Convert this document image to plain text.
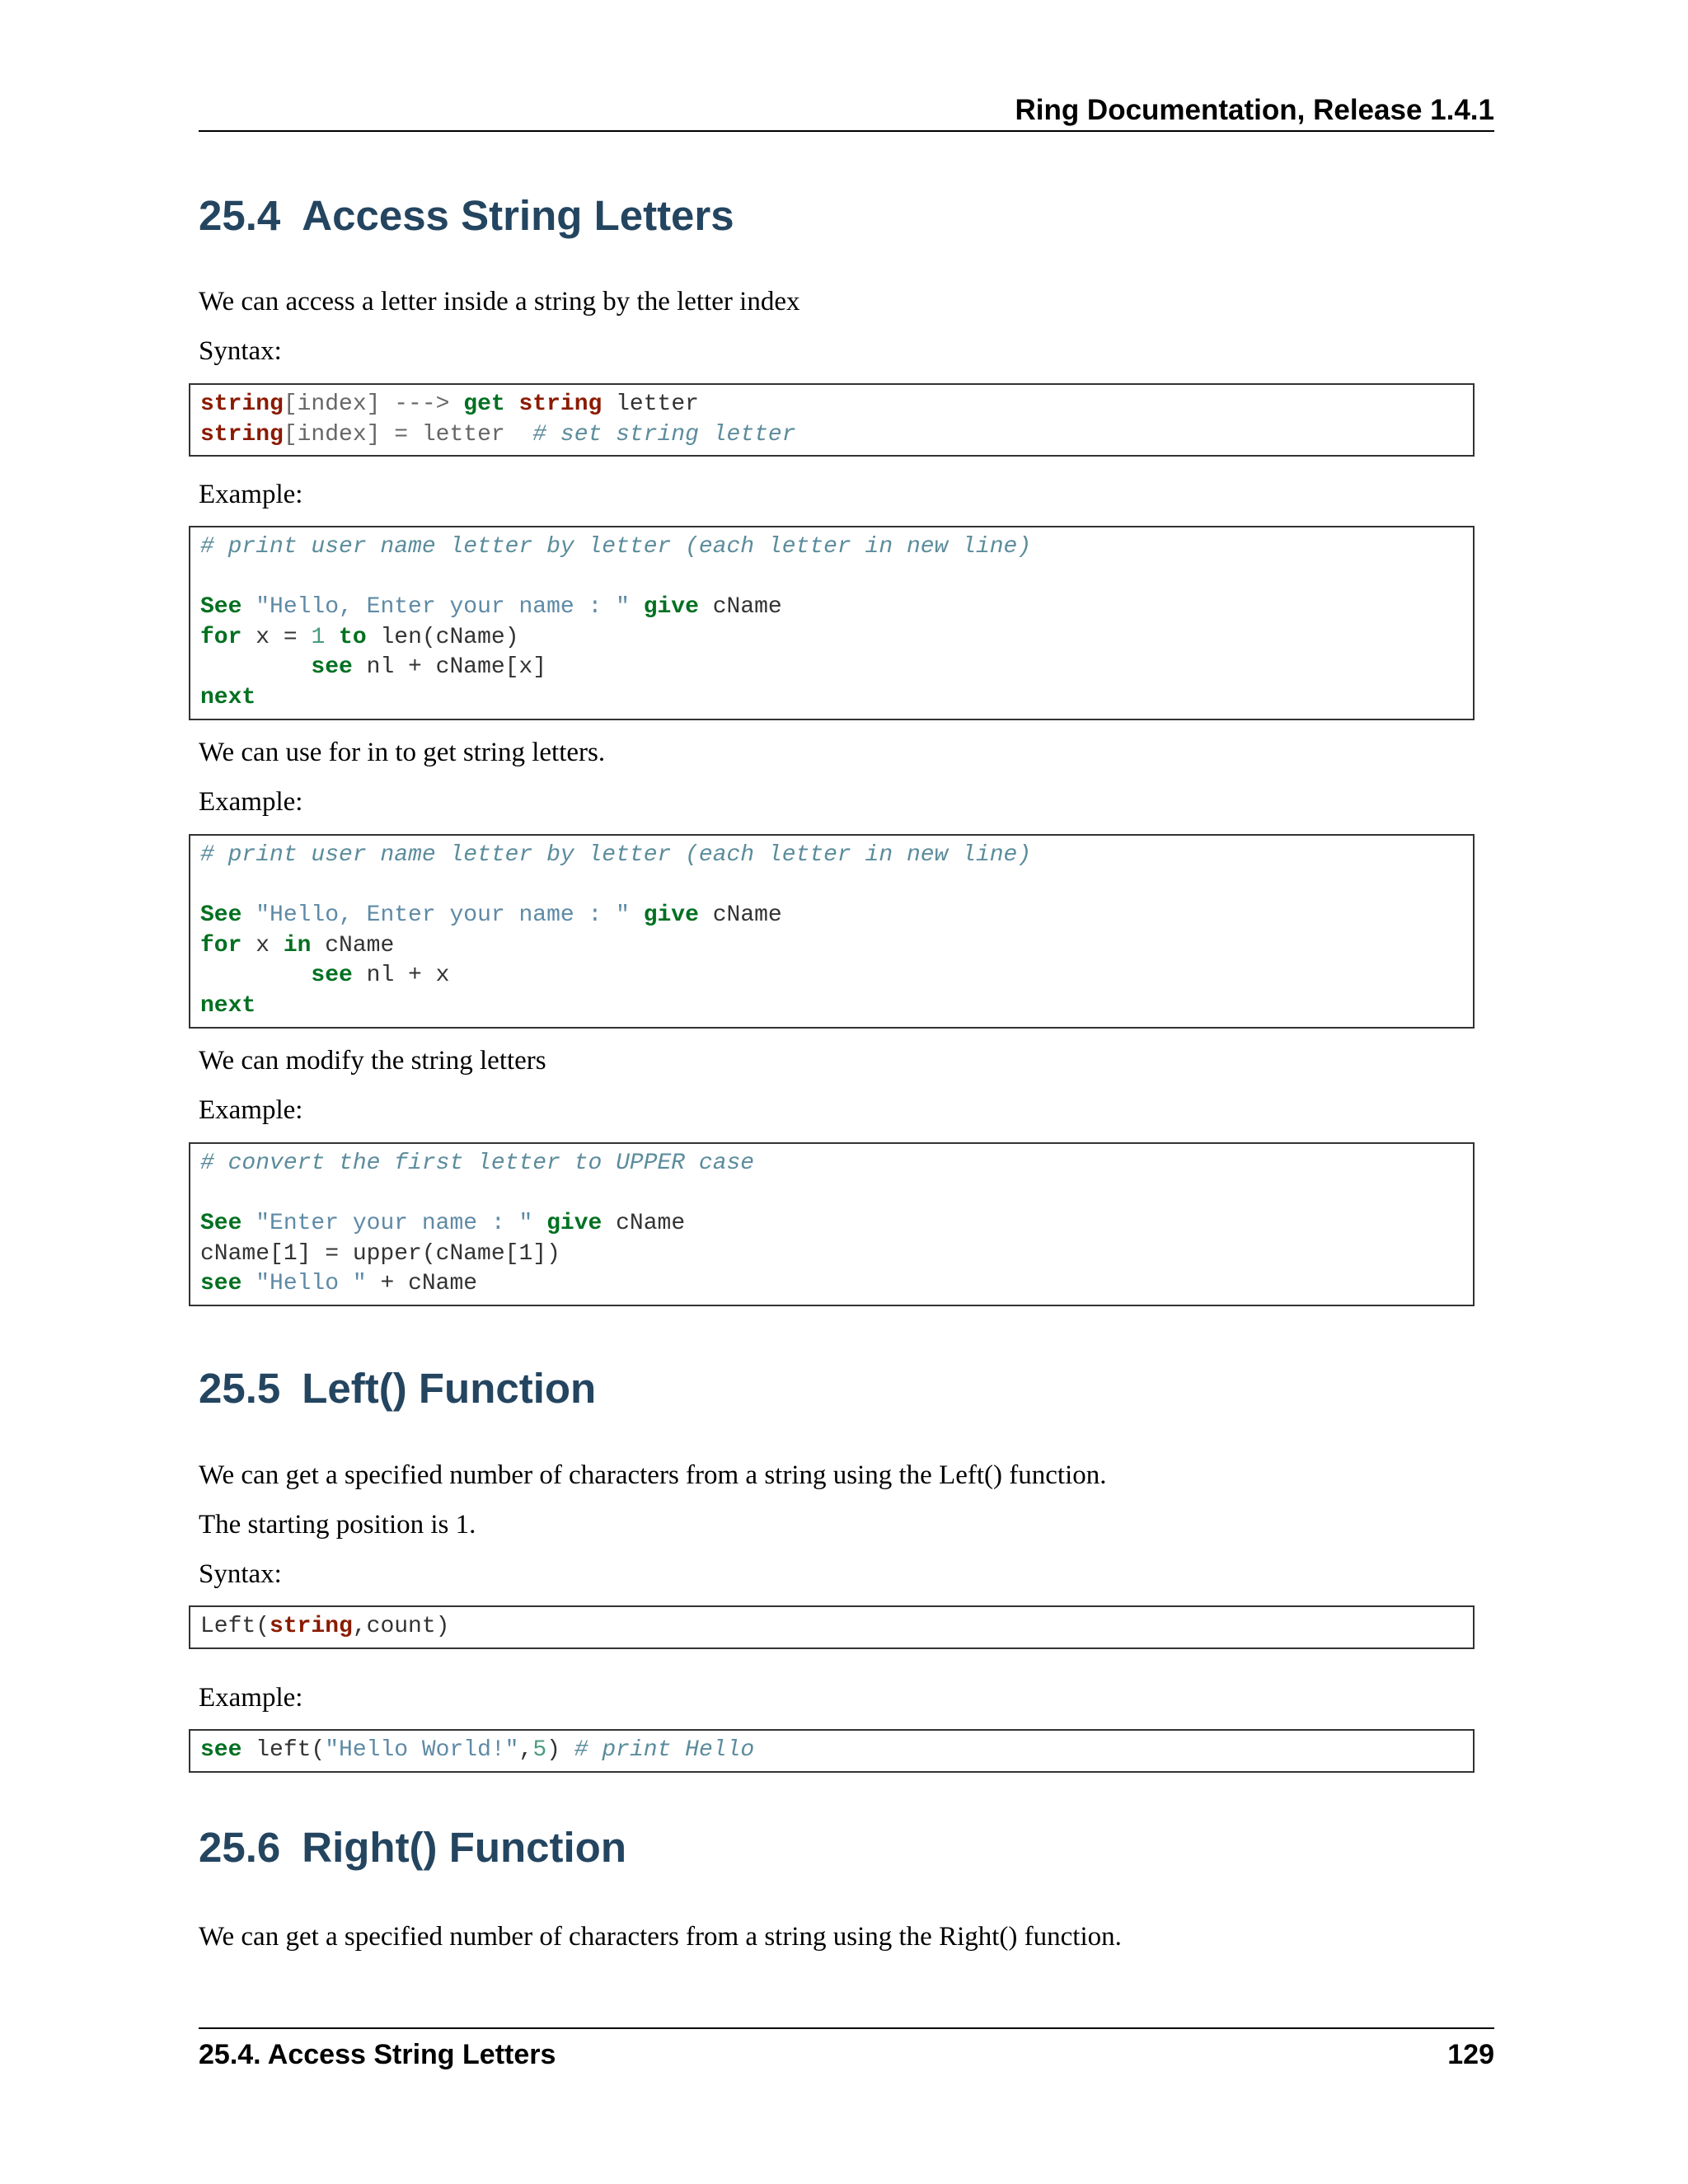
Ring Documentation, Release 1.4.1
25.4 Access String Letters

We can access a letter inside a string by the letter index

Syntax:

string[index] ---> get string letter
string[index] = letter  # set string letter

Example:

# print user name letter by letter (each letter in new line)

See "Hello, Enter your name : " give cName
for x = 1 to len(cName)
see nl + cName[x]
next

We can use for in to get string letters.

Example:

# print user name letter by letter (each letter in new line)

See "Hello, Enter your name : " give cName
for x in cName
see nl + x
next

We can modify the string letters

Example:

# convert the first letter to UPPER case

See "Enter your name : " give cName
cName[1] = upper(cName[1])
see "Hello " + cName
25.5 Left() Function

We can get a specified number of characters from a string using the Left() function.

The starting position is 1.

Syntax:

Left(string,count)

Example:

see left("Hello World!",5) # print Hello
25.6 Right() Function

We can get a specified number of characters from a string using the Right() function.

25.4. Access String Letters	129
